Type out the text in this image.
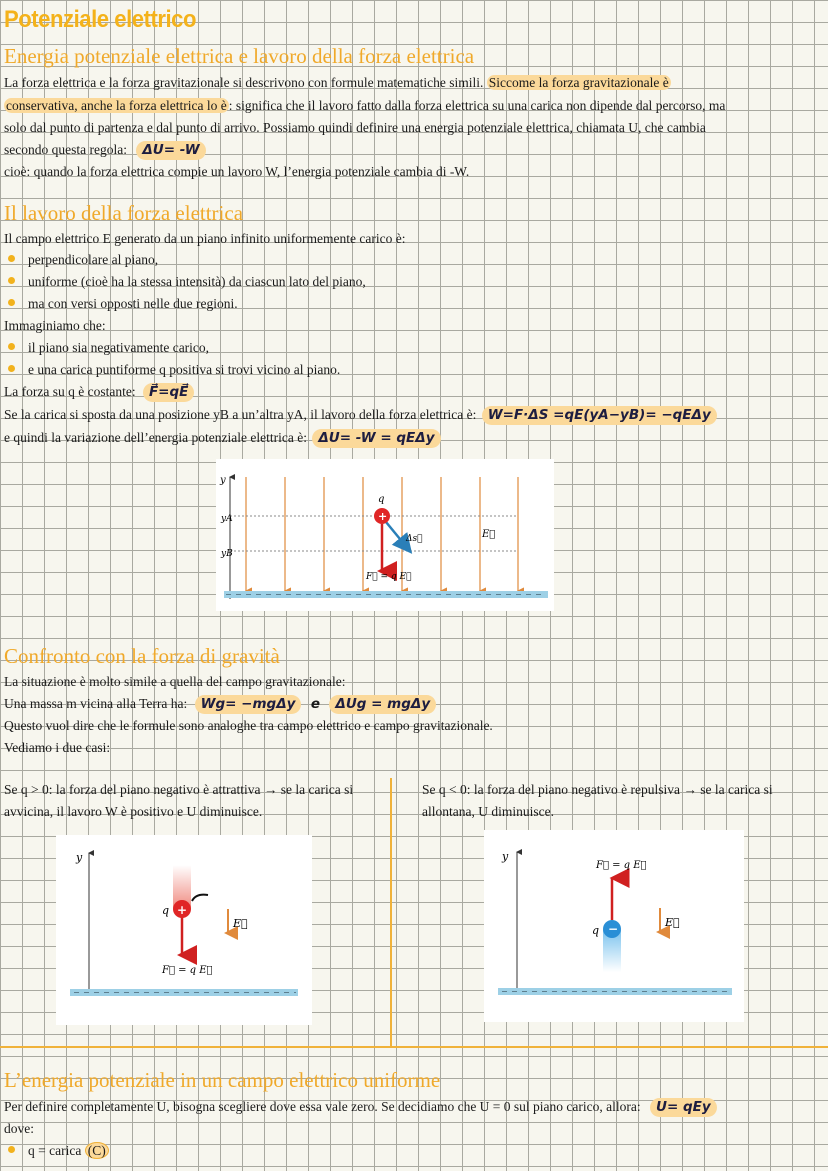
Potenziale elettrico
Energia potenziale elettrica e lavoro della forza elettrica
La forza elettrica e la forza gravitazionale si descrivono con formule matematiche simili. Siccome la forza gravitazionale è
conservativa, anche la forza elettrica lo è : significa che il lavoro fatto dalla forza elettrica su una carica non dipende dal percorso, ma
solo dal punto di partenza e dal punto di arrivo. Possiamo quindi definire una energia potenziale elettrica, chiamata U, che cambia
secondo questa regola: ΔU= -W
cioè: quando la forza elettrica compie un lavoro W, l’energia potenziale cambia di -W.
Il lavoro della forza elettrica
Il campo elettrico E generato da un piano infinito uniformemente carico è:
perpendicolare al piano,
uniforme (cioè ha la stessa intensità) da ciascun lato del piano,
ma con versi opposti nelle due regioni.
Immaginiamo che:
il piano sia negativamente carico,
e una carica puntiforme q positiva si trovi vicino al piano.
La forza su q è costante: F⃗=qE⃗
Se la carica si sposta da una posizione yB a un’altra yA, il lavoro della forza elettrica è: W=F·ΔS =qE(yA−yB)= −qEΔy
e quindi la variazione dell’energia potenziale elettrica è: ΔU= -W = qEΔy
y
yA
yB
+
q
Δs⃗	E⃗
F⃗ = q E⃗
Confronto con la forza di gravità
La situazione è molto simile a quella del campo gravitazionale:
Una massa m vicina alla Terra ha: Wg= −mgΔy e ΔUg = mgΔy
Questo vuol dire che le formule sono analoghe tra campo elettrico e campo gravitazionale.
Vediamo i due casi:
Se q > 0: la forza del piano negativo è attrattiva → se la carica si avvicina, il lavoro W è positivo e U diminuisce.
Se q < 0: la forza del piano negativo è repulsiva → se la carica si allontana, U diminuisce.
y
+
q
E⃗
F⃗ = q E⃗
y
−
q
F⃗ = q E⃗
E⃗
L’energia potenziale in un campo elettrico uniforme
Per definire completamente U, bisogna scegliere dove essa vale zero. Se decidiamo che U = 0 sul piano carico, allora: U= qEy
dove:
q = carica (C)
